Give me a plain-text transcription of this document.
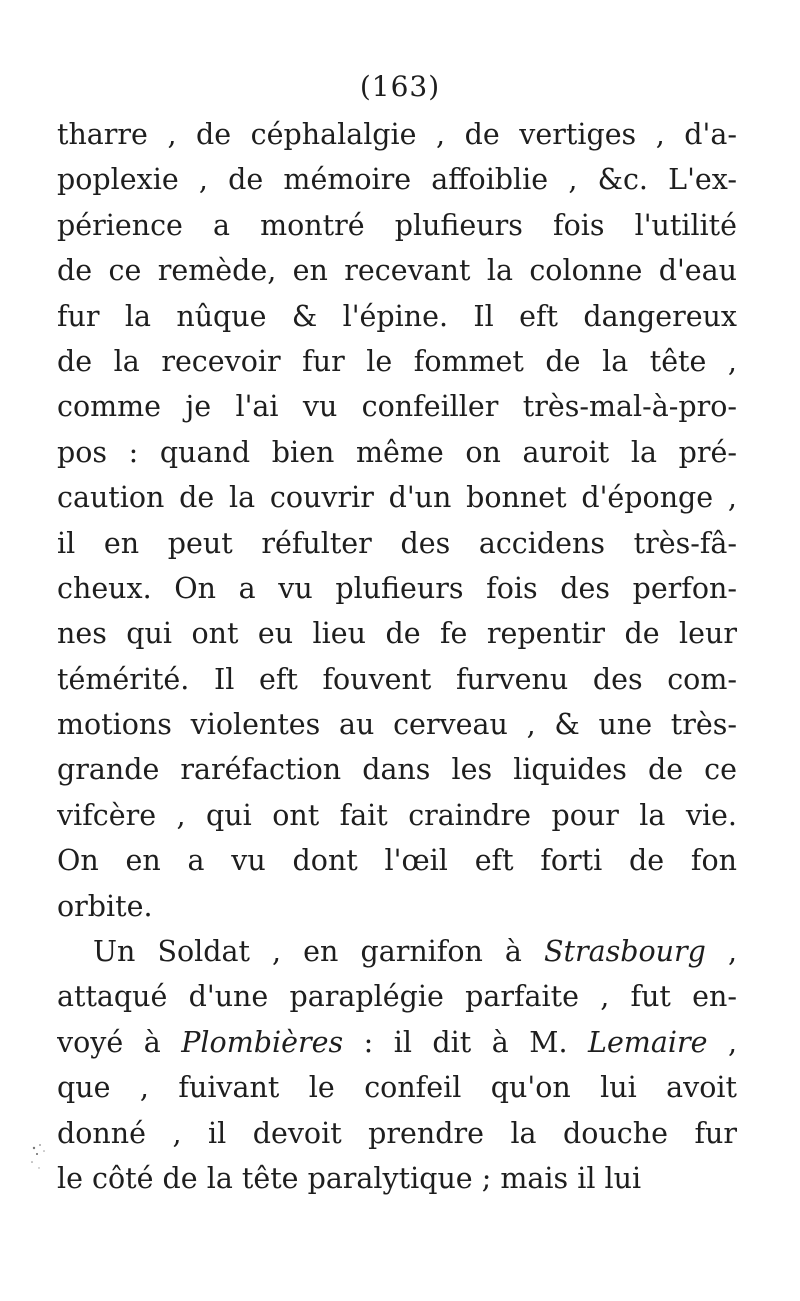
(163)
tharre , de céphalalgie , de vertiges , d'a-
poplexie , de mémoire affoiblie , &c. L'ex-
périence a montré plufieurs fois l'utilité
de ce remède, en recevant la colonne d'eau
fur la nûque & l'épine. Il eft dangereux
de la recevoir fur le fommet de la tête ,
comme je l'ai vu confeiller très-mal-à-pro-
pos : quand bien même on auroit la pré-
caution de la couvrir d'un bonnet d'éponge ,
il en peut réfulter des accidens très-fâ-
cheux. On a vu plufieurs fois des perfon-
nes qui ont eu lieu de fe repentir de leur
témérité. Il eft fouvent furvenu des com-
motions violentes au cerveau , & une très-
grande raréfaction dans les liquides de ce
vifcère , qui ont fait craindre pour la vie.
On en a vu dont l'œil eft forti de fon
orbite.
Un Soldat , en garnifon à Strasbourg ,
attaqué d'une paraplégie parfaite , fut en-
voyé à Plombières : il dit à M. Lemaire ,
que , fuivant le confeil qu'on lui avoit
donné , il devoit prendre la douche fur
le côté de la tête paralytique ; mais il lui
